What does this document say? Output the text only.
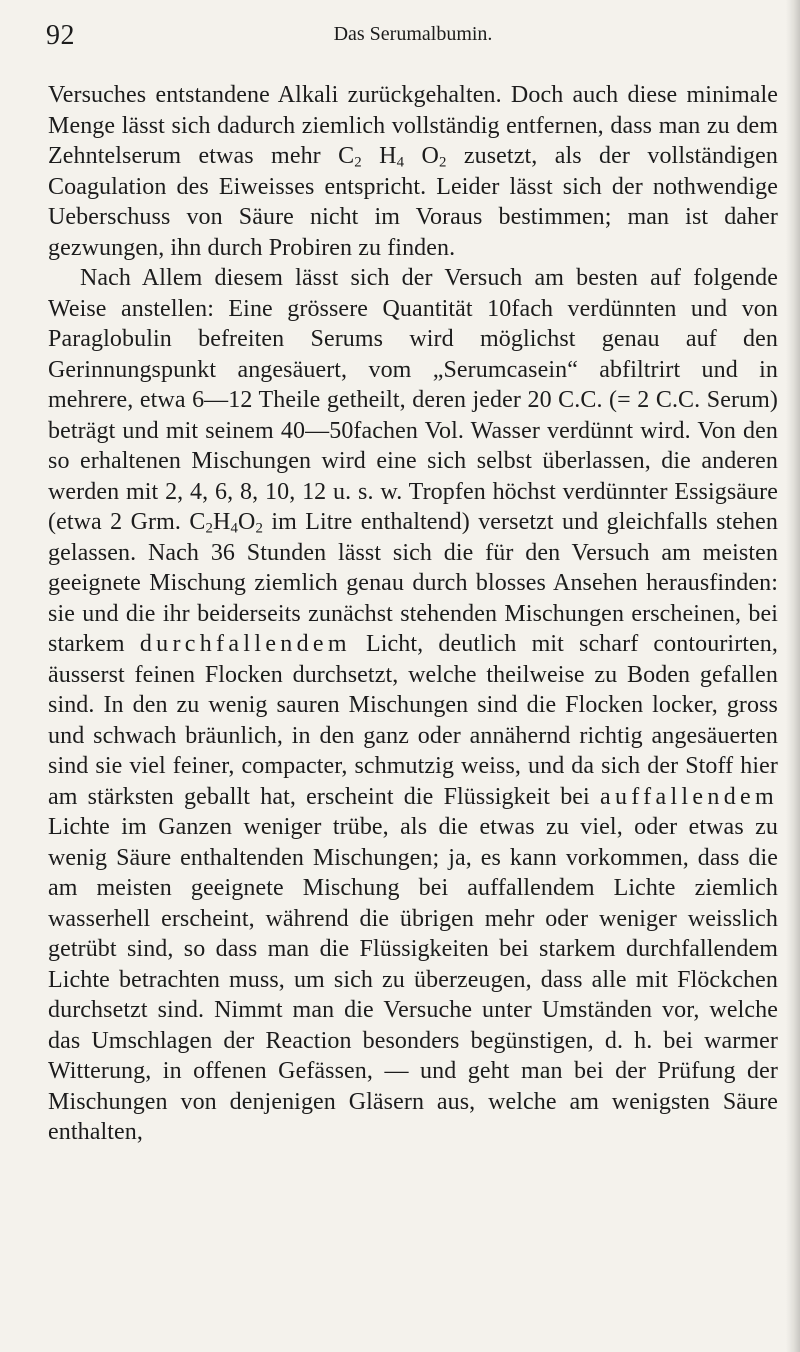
92	Das Serumalbumin.

Versuches entstandene Alkali zurückgehalten. Doch auch diese minimale Menge lässt sich dadurch ziemlich vollständig entfernen, dass man zu dem Zehntelserum etwas mehr $C_2$ $H_4$ $O_2$ zusetzt, als der vollständigen Coagulation des Eiweisses entspricht. Leider lässt sich der nothwendige Ueberschuss von Säure nicht im Voraus bestimmen; man ist daher gezwungen, ihn durch Probiren zu finden.

Nach Allem diesem lässt sich der Versuch am besten auf folgende Weise anstellen: Eine grössere Quantität 10fach verdünnten und von Paraglobulin befreiten Serums wird möglichst genau auf den Gerinnungspunkt angesäuert, vom „Serumcasein“ abfiltrirt und in mehrere, etwa 6—12 Theile getheilt, deren jeder 20 C.C. (= 2 C.C. Serum) beträgt und mit seinem 40—50fachen Vol. Wasser verdünnt wird. Von den so erhaltenen Mischungen wird eine sich selbst überlassen, die anderen werden mit 2, 4, 6, 8, 10, 12 u. s. w. Tropfen höchst verdünnter Essigsäure (etwa 2 Grm. $C_2H_4O_2$ im Litre enthaltend) versetzt und gleichfalls stehen gelassen. Nach 36 Stunden lässt sich die für den Versuch am meisten geeignete Mischung ziemlich genau durch blosses Ansehen herausfinden: sie und die ihr beiderseits zunächst stehenden Mischungen erscheinen, bei starkem durchfallendem Licht, deutlich mit scharf contourirten, äusserst feinen Flocken durchsetzt, welche theilweise zu Boden gefallen sind. In den zu wenig sauren Mischungen sind die Flocken locker, gross und schwach bräunlich, in den ganz oder annähernd richtig angesäuerten sind sie viel feiner, compacter, schmutzig weiss, und da sich der Stoff hier am stärksten geballt hat, erscheint die Flüssigkeit bei auffallendem Lichte im Ganzen weniger trübe, als die etwas zu viel, oder etwas zu wenig Säure enthaltenden Mischungen; ja, es kann vorkommen, dass die am meisten geeignete Mischung bei auffallendem Lichte ziemlich wasserhell erscheint, während die übrigen mehr oder weniger weisslich getrübt sind, so dass man die Flüssigkeiten bei starkem durchfallendem Lichte betrachten muss, um sich zu überzeugen, dass alle mit Flöckchen durchsetzt sind. Nimmt man die Versuche unter Umständen vor, welche das Umschlagen der Reaction besonders begünstigen, d. h. bei warmer Witterung, in offenen Gefässen, — und geht man bei der Prüfung der Mischungen von denjenigen Gläsern aus, welche am wenigsten Säure enthalten,
